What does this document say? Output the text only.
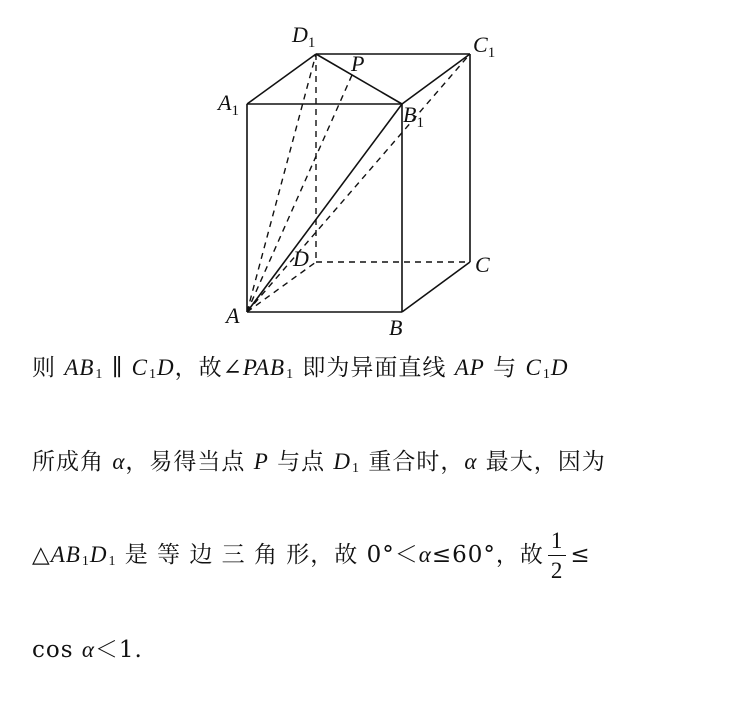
$D_1$
P
$C_1$
$A_1$	$B_1$
D	C
A	B
则 AB1 ∥ C1D，故∠PAB1 即为异面直线 AP 与 C1D
所成角 α，易得当点 P 与点 D1 重合时，α 最大，因为
△AB1D1 是 等 边 三 角 形，故 0°＜α≤60°，故 $\frac{1}{2}$ ≤
cos α＜1.
